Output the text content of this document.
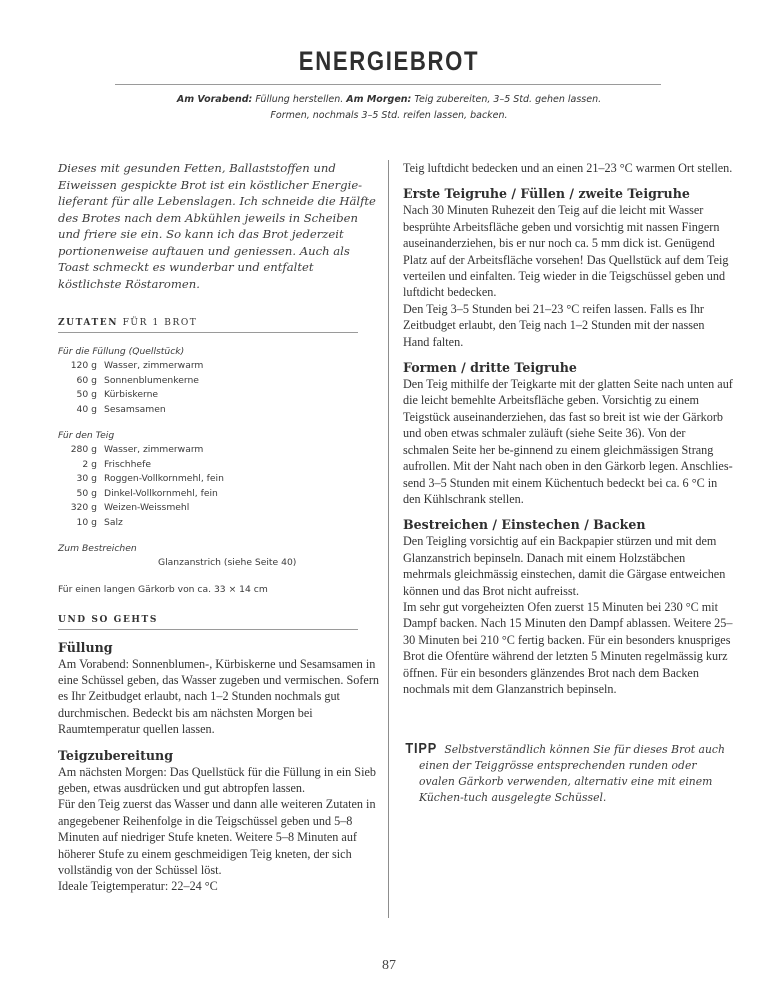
ENERGIEBROT
Am Vorabend: Füllung herstellen. Am Morgen: Teig zubereiten, 3–5 Std. gehen lassen.
Formen, nochmals 3–5 Std. reifen lassen, backen.

Dieses mit gesunden Fetten, Ballaststoffen und Eiweissen gespickte Brot ist ein köstlicher Energie-lieferant für alle Lebenslagen. Ich schneide die Hälfte des Brotes nach dem Abkühlen jeweils in Scheiben und friere sie ein. So kann ich das Brot jederzeit portionenweise auftauen und geniessen. Auch als Toast schmeckt es wunderbar und entfaltet köstlichste Röstaromen.

ZUTATEN FÜR 1 BROT
Für die Füllung (Quellstück)
120 g Wasser, zimmerwarm
60 g Sonnenblumenkerne
50 g Kürbiskerne
40 g Sesamsamen
Für den Teig
280 g Wasser, zimmerwarm
2 g Frischhefe
30 g Roggen-Vollkornmehl, fein
50 g Dinkel-Vollkornmehl, fein
320 g Weizen-Weissmehl
10 g Salz
Zum Bestreichen
Glanzanstrich (siehe Seite 40)
Für einen langen Gärkorb von ca. 33 × 14 cm
UND SO GEHTS
Füllung

Am Vorabend: Sonnenblumen-, Kürbiskerne und Sesamsamen in eine Schüssel geben, das Wasser zugeben und vermischen. Sofern es Ihr Zeitbudget erlaubt, nach 1–2 Stunden nochmals gut durchmischen. Bedeckt bis am nächsten Morgen bei Raumtemperatur quellen lassen.

Teigzubereitung

Am nächsten Morgen: Das Quellstück für die Füllung in ein Sieb geben, etwas ausdrücken und gut abtropfen lassen.
Für den Teig zuerst das Wasser und dann alle weiteren Zutaten in angegebener Reihenfolge in die Teigschüssel geben und 5–8 Minuten auf niedriger Stufe kneten. Weitere 5–8 Minuten auf höherer Stufe zu einem geschmeidigen Teig kneten, der sich vollständig von der Schüssel löst.
Ideale Teigtemperatur: 22–24 °C

Teig luftdicht bedecken und an einen 21–23 °C warmen Ort stellen.

Erste Teigruhe / Füllen / zweite Teigruhe

Nach 30 Minuten Ruhezeit den Teig auf die leicht mit Wasser besprühte Arbeitsfläche geben und vorsichtig mit nassen Fingern auseinanderziehen, bis er nur noch ca. 5 mm dick ist. Genügend Platz auf der Arbeitsfläche vorsehen! Das Quellstück auf dem Teig verteilen und einfalten. Teig wieder in die Teigschüssel geben und luftdicht bedecken.
Den Teig 3–5 Stunden bei 21–23 °C reifen lassen. Falls es Ihr Zeitbudget erlaubt, den Teig nach 1–2 Stunden mit der nassen Hand falten.

Formen / dritte Teigruhe

Den Teig mithilfe der Teigkarte mit der glatten Seite nach unten auf die leicht bemehlte Arbeitsfläche geben. Vorsichtig zu einem Teigstück auseinanderziehen, das fast so breit ist wie der Gärkorb und oben etwas schmaler zuläuft (siehe Seite 36). Von der schmalen Seite her be-ginnend zu einem gleichmässigen Strang aufrollen. Mit der Naht nach oben in den Gärkorb legen. Anschlies-send 3–5 Stunden mit einem Küchentuch bedeckt bei ca. 6 °C in den Kühlschrank stellen.

Bestreichen / Einstechen / Backen

Den Teigling vorsichtig auf ein Backpapier stürzen und mit dem Glanzanstrich bepinseln. Danach mit einem Holzstäbchen mehrmals gleichmässig einstechen, damit die Gärgase entweichen können und das Brot nicht aufreisst.
Im sehr gut vorgeheizten Ofen zuerst 15 Minuten bei 230 °C mit Dampf backen. Nach 15 Minuten den Dampf ablassen. Weitere 25–30 Minuten bei 210 °C fertig backen. Für ein besonders knuspriges Brot die Ofentüre während der letzten 5 Minuten regelmässig kurz öffnen. Für ein besonders glänzendes Brot nach dem Backen nochmals mit dem Glanzanstrich bepinseln.

TIPP Selbstverständlich können Sie für dieses Brot auch einen der Teiggrösse entsprechenden runden oder ovalen Gärkorb verwenden, alternativ eine mit einem Küchen-tuch ausgelegte Schüssel.

87
